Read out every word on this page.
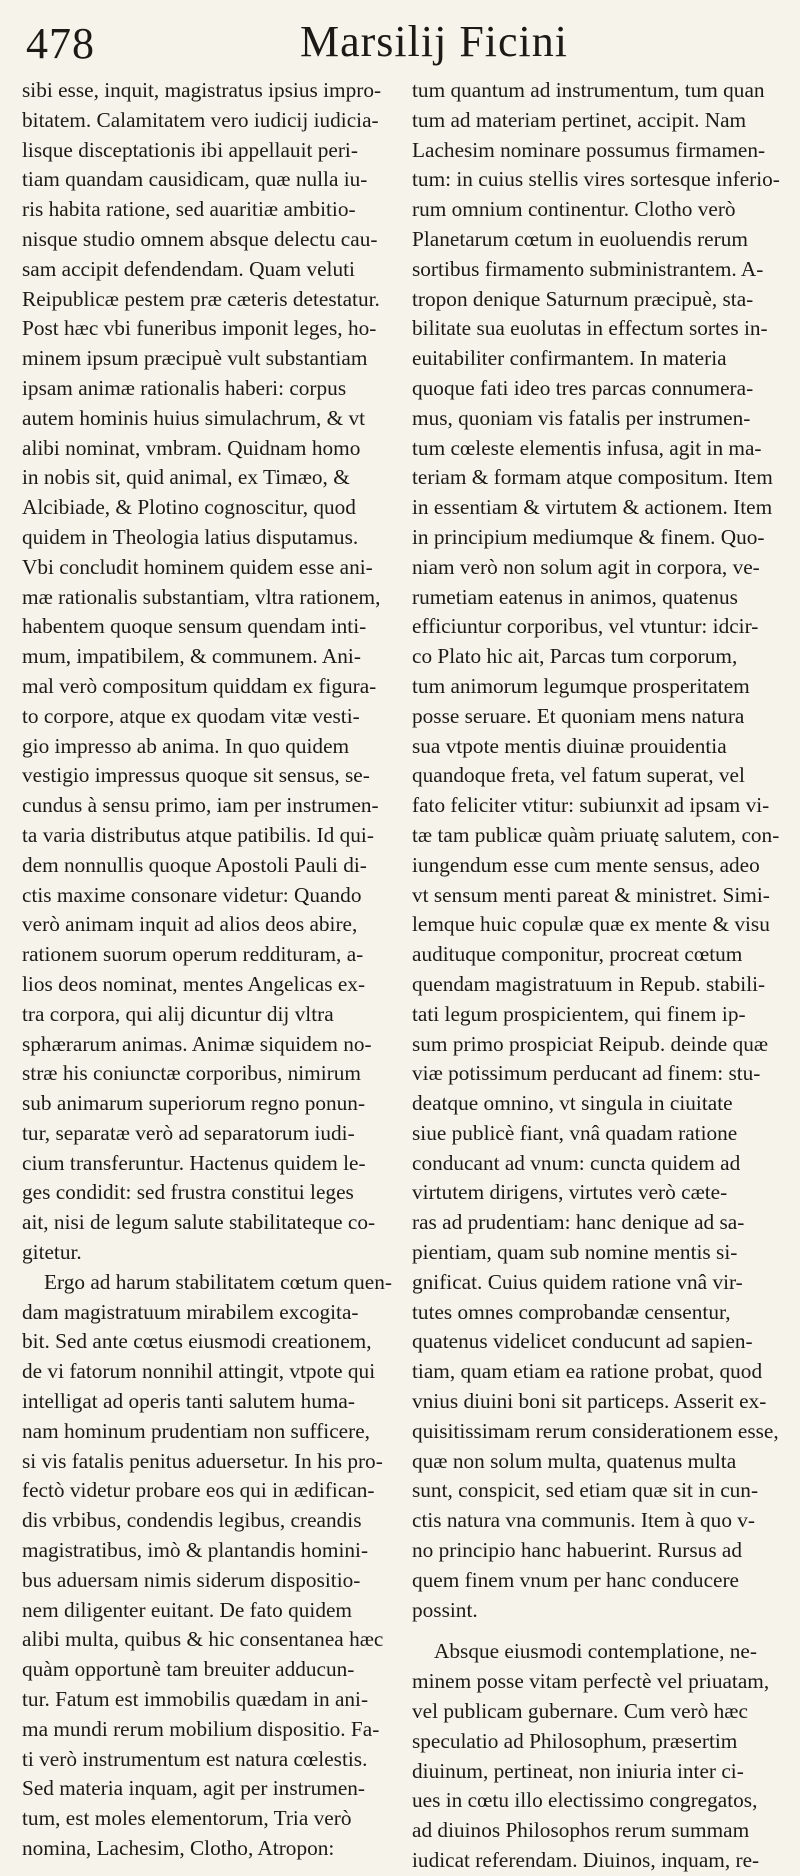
478	Marsilij Ficini
sibi esse, inquit, magistratus ipsius impro-
bitatem. Calamitatem vero iudicij iudicia-
lisque disceptationis ibi appellauit peri-
tiam quandam causidicam, quæ nulla iu-
ris habita ratione, sed auaritiæ ambitio-
nisque studio omnem absque delectu cau-
sam accipit defendendam. Quam veluti
Reipublicæ pestem præ cæteris detestatur.
Post hæc vbi funeribus imponit leges, ho-
minem ipsum præcipuè vult substantiam
ipsam animæ rationalis haberi: corpus
autem hominis huius simulachrum, & vt
alibi nominat, vmbram. Quidnam homo
in nobis sit, quid animal, ex Timæo, &
Alcibiade, & Plotino cognoscitur, quod
quidem in Theologia latius disputamus.
Vbi concludit hominem quidem esse ani-
mæ rationalis substantiam, vltra rationem,
habentem quoque sensum quendam inti-
mum, impatibilem, & communem. Ani-
mal verò compositum quiddam ex figura-
to corpore, atque ex quodam vitæ vesti-
gio impresso ab anima. In quo quidem
vestigio impressus quoque sit sensus, se-
cundus à sensu primo, iam per instrumen-
ta varia distributus atque patibilis. Id qui-
dem nonnullis quoque Apostoli Pauli di-
ctis maxime consonare videtur: Quando
verò animam inquit ad alios deos abire,
rationem suorum operum reddituram, a-
lios deos nominat, mentes Angelicas ex-
tra corpora, qui alij dicuntur dij vltra
sphærarum animas. Animæ siquidem no-
stræ his coniunctæ corporibus, nimirum
sub animarum superiorum regno ponun-
tur, separatæ verò ad separatorum iudi-
cium transferuntur. Hactenus quidem le-
ges condidit: sed frustra constitui leges
ait, nisi de legum salute stabilitateque co-
gitetur.
Ergo ad harum stabilitatem cœtum quen-
dam magistratuum mirabilem excogita-
bit. Sed ante cœtus eiusmodi creationem,
de vi fatorum nonnihil attingit, vtpote qui
intelligat ad operis tanti salutem huma-
nam hominum prudentiam non sufficere,
si vis fatalis penitus aduersetur. In his pro-
fectò videtur probare eos qui in ædifican-
dis vrbibus, condendis legibus, creandis
magistratibus, imò & plantandis homini-
bus aduersam nimis siderum dispositio-
nem diligenter euitant. De fato quidem
alibi multa, quibus & hic consentanea hæc
quàm opportunè tam breuiter adducun-
tur. Fatum est immobilis quædam in ani-
ma mundi rerum mobilium dispositio. Fa-
ti verò instrumentum est natura cœlestis.
Sed materia inquam, agit per instrumen-
tum, est moles elementorum, Tria verò
nomina, Lachesim, Clotho, Atropon:
tum quantum ad instrumentum, tum quan
tum ad materiam pertinet, accipit. Nam
Lachesim nominare possumus firmamen-
tum: in cuius stellis vires sortesque inferio-
rum omnium continentur. Clotho verò
Planetarum cœtum in euoluendis rerum
sortibus firmamento subministrantem. A-
tropon denique Saturnum præcipuè, sta-
bilitate sua euolutas in effectum sortes in-
euitabiliter confirmantem. In materia
quoque fati ideo tres parcas connumera-
mus, quoniam vis fatalis per instrumen-
tum cœleste elementis infusa, agit in ma-
teriam & formam atque compositum. Item
in essentiam & virtutem & actionem. Item
in principium mediumque & finem. Quo-
niam verò non solum agit in corpora, ve-
rumetiam eatenus in animos, quatenus
efficiuntur corporibus, vel vtuntur: idcir-
co Plato hic ait, Parcas tum corporum,
tum animorum legumque prosperitatem
posse seruare. Et quoniam mens natura
sua vtpote mentis diuinæ prouidentia
quandoque freta, vel fatum superat, vel
fato feliciter vtitur: subiunxit ad ipsam vi-
tæ tam publicæ quàm priuatę salutem, con-
iungendum esse cum mente sensus, adeo
vt sensum menti pareat & ministret. Simi-
lemque huic copulæ quæ ex mente & visu
audituque componitur, procreat cœtum
quendam magistratuum in Repub. stabili-
tati legum prospicientem, qui finem ip-
sum primo prospiciat Reipub. deinde quæ
viæ potissimum perducant ad finem: stu-
deatque omnino, vt singula in ciuitate
siue publicè fiant, vnâ quadam ratione
conducant ad vnum: cuncta quidem ad
virtutem dirigens, virtutes verò cæte-
ras ad prudentiam: hanc denique ad sa-
pientiam, quam sub nomine mentis si-
gnificat. Cuius quidem ratione vnâ vir-
tutes omnes comprobandæ censentur,
quatenus videlicet conducunt ad sapien-
tiam, quam etiam ea ratione probat, quod
vnius diuini boni sit particeps. Asserit ex-
quisitissimam rerum considerationem esse,
quæ non solum multa, quatenus multa
sunt, conspicit, sed etiam quæ sit in cun-
ctis natura vna communis. Item à quo v-
no principio hanc habuerint. Rursus ad
quem finem vnum per hanc conducere
possint.
Absque eiusmodi contemplatione, ne-
minem posse vitam perfectè vel priuatam,
vel publicam gubernare. Cum verò hæc
speculatio ad Philosophum, præsertim
diuinum, pertineat, non iniuria inter ci-
ues in cœtu illo electissimo congregatos,
ad diuinos Philosophos rerum summam
iudicat referendam. Diuinos, inquam, re-
